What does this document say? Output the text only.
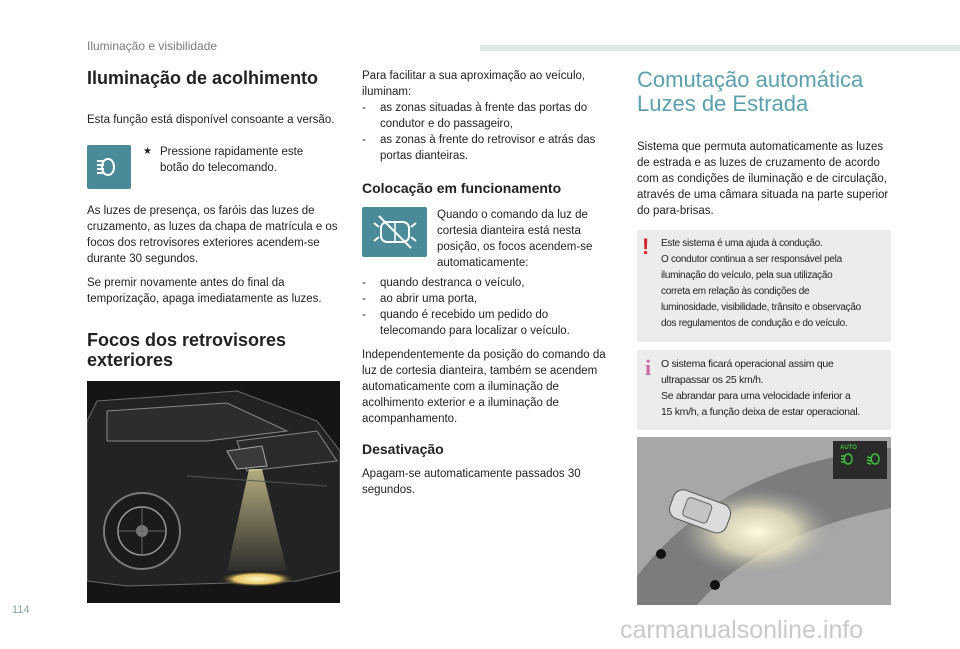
Iluminação e visibilidade
114
carmanualsonline.info
Iluminação de acolhimento

Esta função está disponível consoante a versão.

★ Pressione rapidamente este botão do telecomando.

As luzes de presença, os faróis das luzes de cruzamento, as luzes da chapa de matrícula e os focos dos retrovisores exteriores acendem-se durante 30 segundos.

Se premir novamente antes do final da temporização, apaga imediatamente as luzes.

Focos dos retrovisores exteriores

Para facilitar a sua aproximação ao veículo, iluminam:

- as zonas situadas à frente das portas do condutor e do passageiro,
- as zonas à frente do retrovisor e atrás das portas dianteiras.
Colocação em funcionamento

Quando o comando da luz de cortesia dianteira está nesta posição, os focos acendem-se automaticamente:

- quando destranca o veículo,
- ao abrir uma porta,
- quando é recebido um pedido do telecomando para localizar o veículo.

Independentemente da posição do comando da luz de cortesia dianteira, também se acendem automaticamente com a iluminação de acolhimento exterior e a iluminação de acompanhamento.

Desativação

Apagam-se automaticamente passados 30 segundos.

Comutação automática Luzes de Estrada

Sistema que permuta automaticamente as luzes de estrada e as luzes de cruzamento de acordo com as condições de iluminação e de circulação, através de uma câmara situada na parte superior do para-brisas.

! Este sistema é uma ajuda à condução.
O condutor continua a ser responsável pela
iluminação do veículo, pela sua utilização
correta em relação às condições de
luminosidade, visibilidade, trânsito e observação
dos regulamentos de condução e do veículo.
i O sistema ficará operacional assim que
ultrapassar os 25 km/h.
Se abrandar para uma velocidade inferior a
15 km/h, a função deixa de estar operacional.
AUTO
